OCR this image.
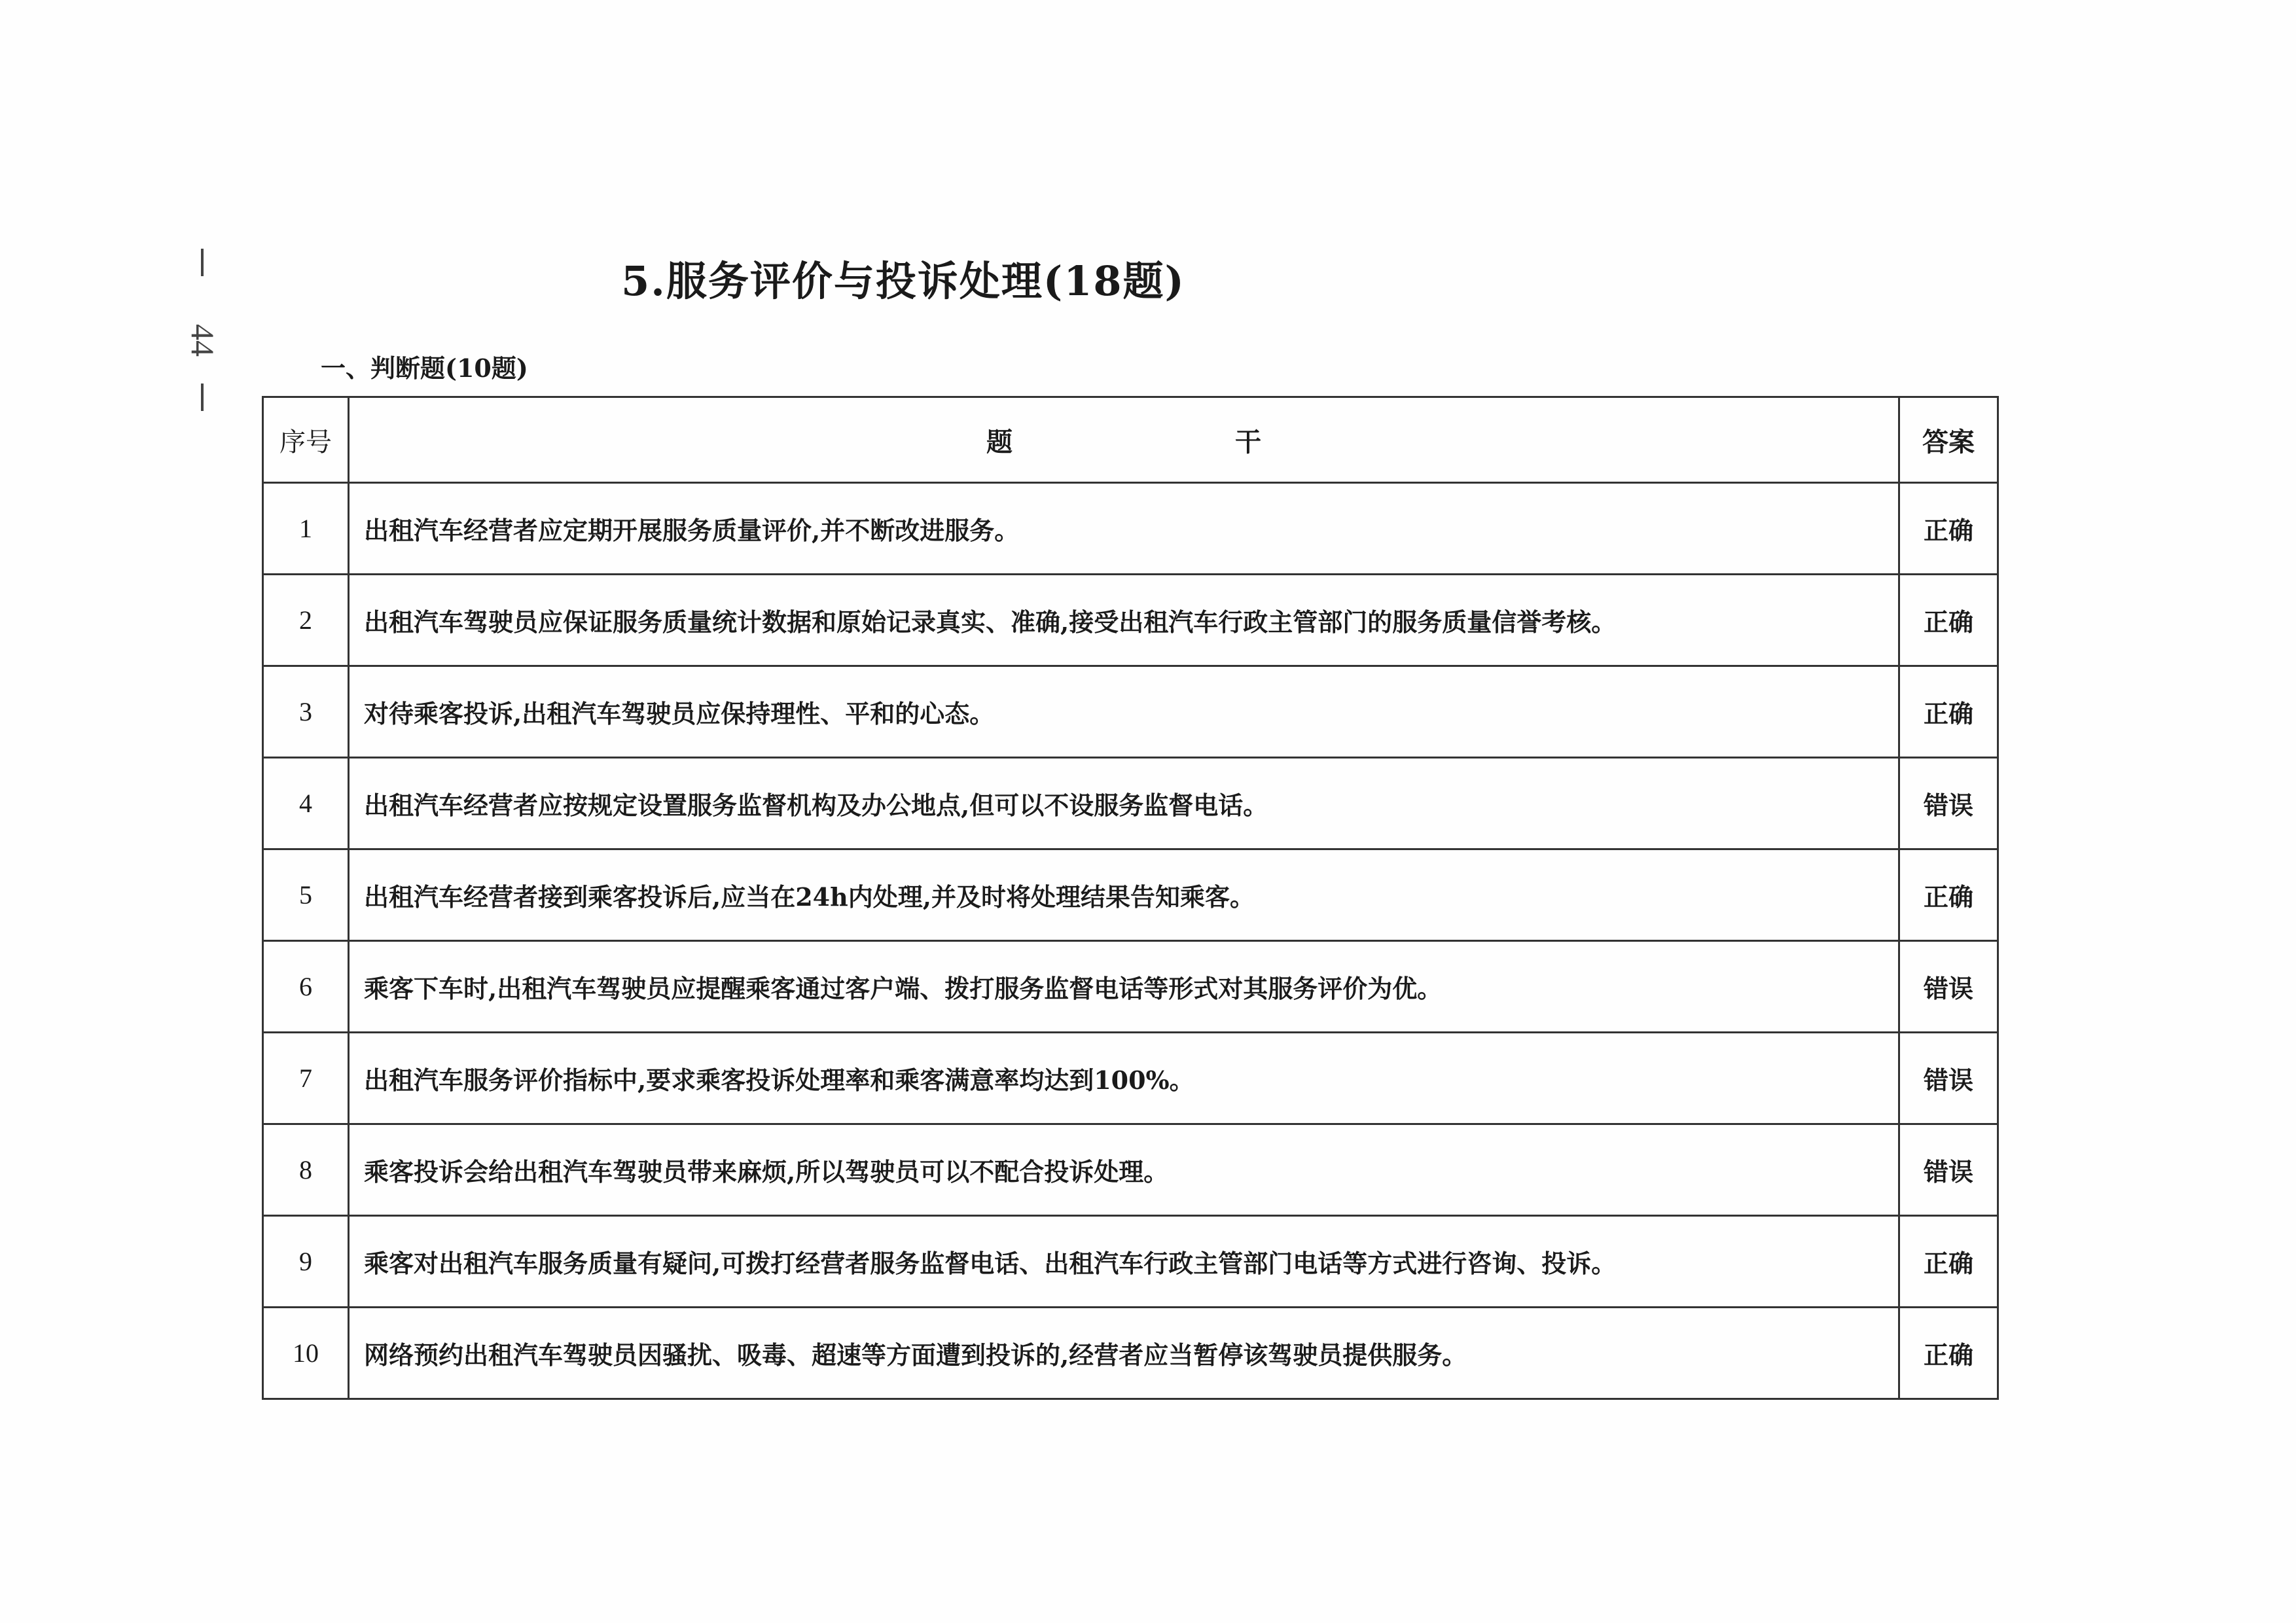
44
5.服务评价与投诉处理(18题)
一、判断题(10题)
序号	题 干	答案
1	出租汽车经营者应定期开展服务质量评价,并不断改进服务。	正确
2	出租汽车驾驶员应保证服务质量统计数据和原始记录真实、准确,接受出租汽车行政主管部门的服务质量信誉考核。	正确
3	对待乘客投诉,出租汽车驾驶员应保持理性、平和的心态。	正确
4	出租汽车经营者应按规定设置服务监督机构及办公地点,但可以不设服务监督电话。	错误
5	出租汽车经营者接到乘客投诉后,应当在24h内处理,并及时将处理结果告知乘客。	正确
6	乘客下车时,出租汽车驾驶员应提醒乘客通过客户端、拨打服务监督电话等形式对其服务评价为优。	错误
7	出租汽车服务评价指标中,要求乘客投诉处理率和乘客满意率均达到100%。	错误
8	乘客投诉会给出租汽车驾驶员带来麻烦,所以驾驶员可以不配合投诉处理。	错误
9	乘客对出租汽车服务质量有疑问,可拨打经营者服务监督电话、出租汽车行政主管部门电话等方式进行咨询、投诉。	正确
10	网络预约出租汽车驾驶员因骚扰、吸毒、超速等方面遭到投诉的,经营者应当暂停该驾驶员提供服务。	正确
